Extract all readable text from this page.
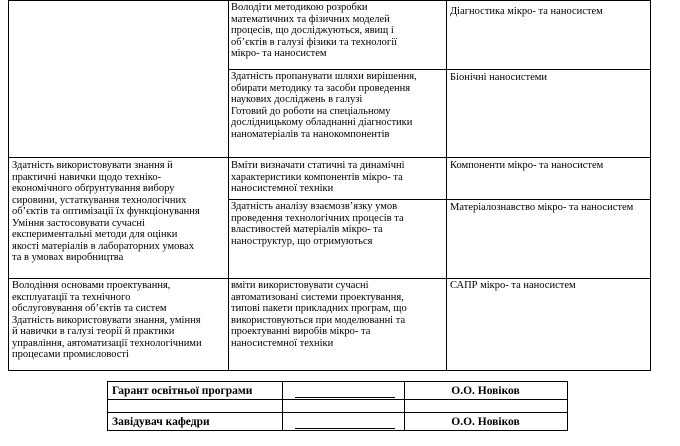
Володіти методикою розробки
математичних та фізичних моделей
процесів, що досліджуються, явищ і
об’єктів в галузі фізики та технології
мікро- та наносистем
Діагностика мікро- та наносистем
Здатність пропанувати шляхи вирішення,
обирати методику та засоби проведення
наукових досліджень в галузі
Готовий до роботи на спеціальному
дослідницькому обладнанні діагностики
наноматеріалів та нанокомпонентів
Біонічні наносистеми
Здатність використовувати знання й
практичні навички щодо техніко-
економічного обґрунтування вибору
сировини, устаткування технологічних
об’єктів та оптимізації їх функціонування
Уміння застосовувати сучасні
експериментальні методи для оцінки
якості матеріалів в лабораторних умовах
та в умовах виробництва
Вміти визначати статичні та динамічні
характеристики компонентів мікро- та
наносистемної техніки
Компоненти мікро- та наносистем
Здатність аналізу взаємозв’язку умов
проведення технологічних процесів та
властивостей матеріалів мікро- та
наноструктур, що отримуються
Матеріалознавство мікро- та наносистем
Володіння основами проектування,
експлуатації та технічного
обслуговування об’єктів та систем
Здатність використовувати знання, уміння
й навички в галузі теорії й практики
управління, автоматизації технологічними
процесами промисловості
вміти використовувати сучасні
автоматизовані системи проектування,
типові пакети прикладних програм, що
використовуються при моделюванні та
проектуванні виробів мікро- та
наносистемної техніки
САПР мікро- та наносистем
Гарант освітньої програми	О.О. Новіков
Завідувач кафедри	О.О. Новіков
